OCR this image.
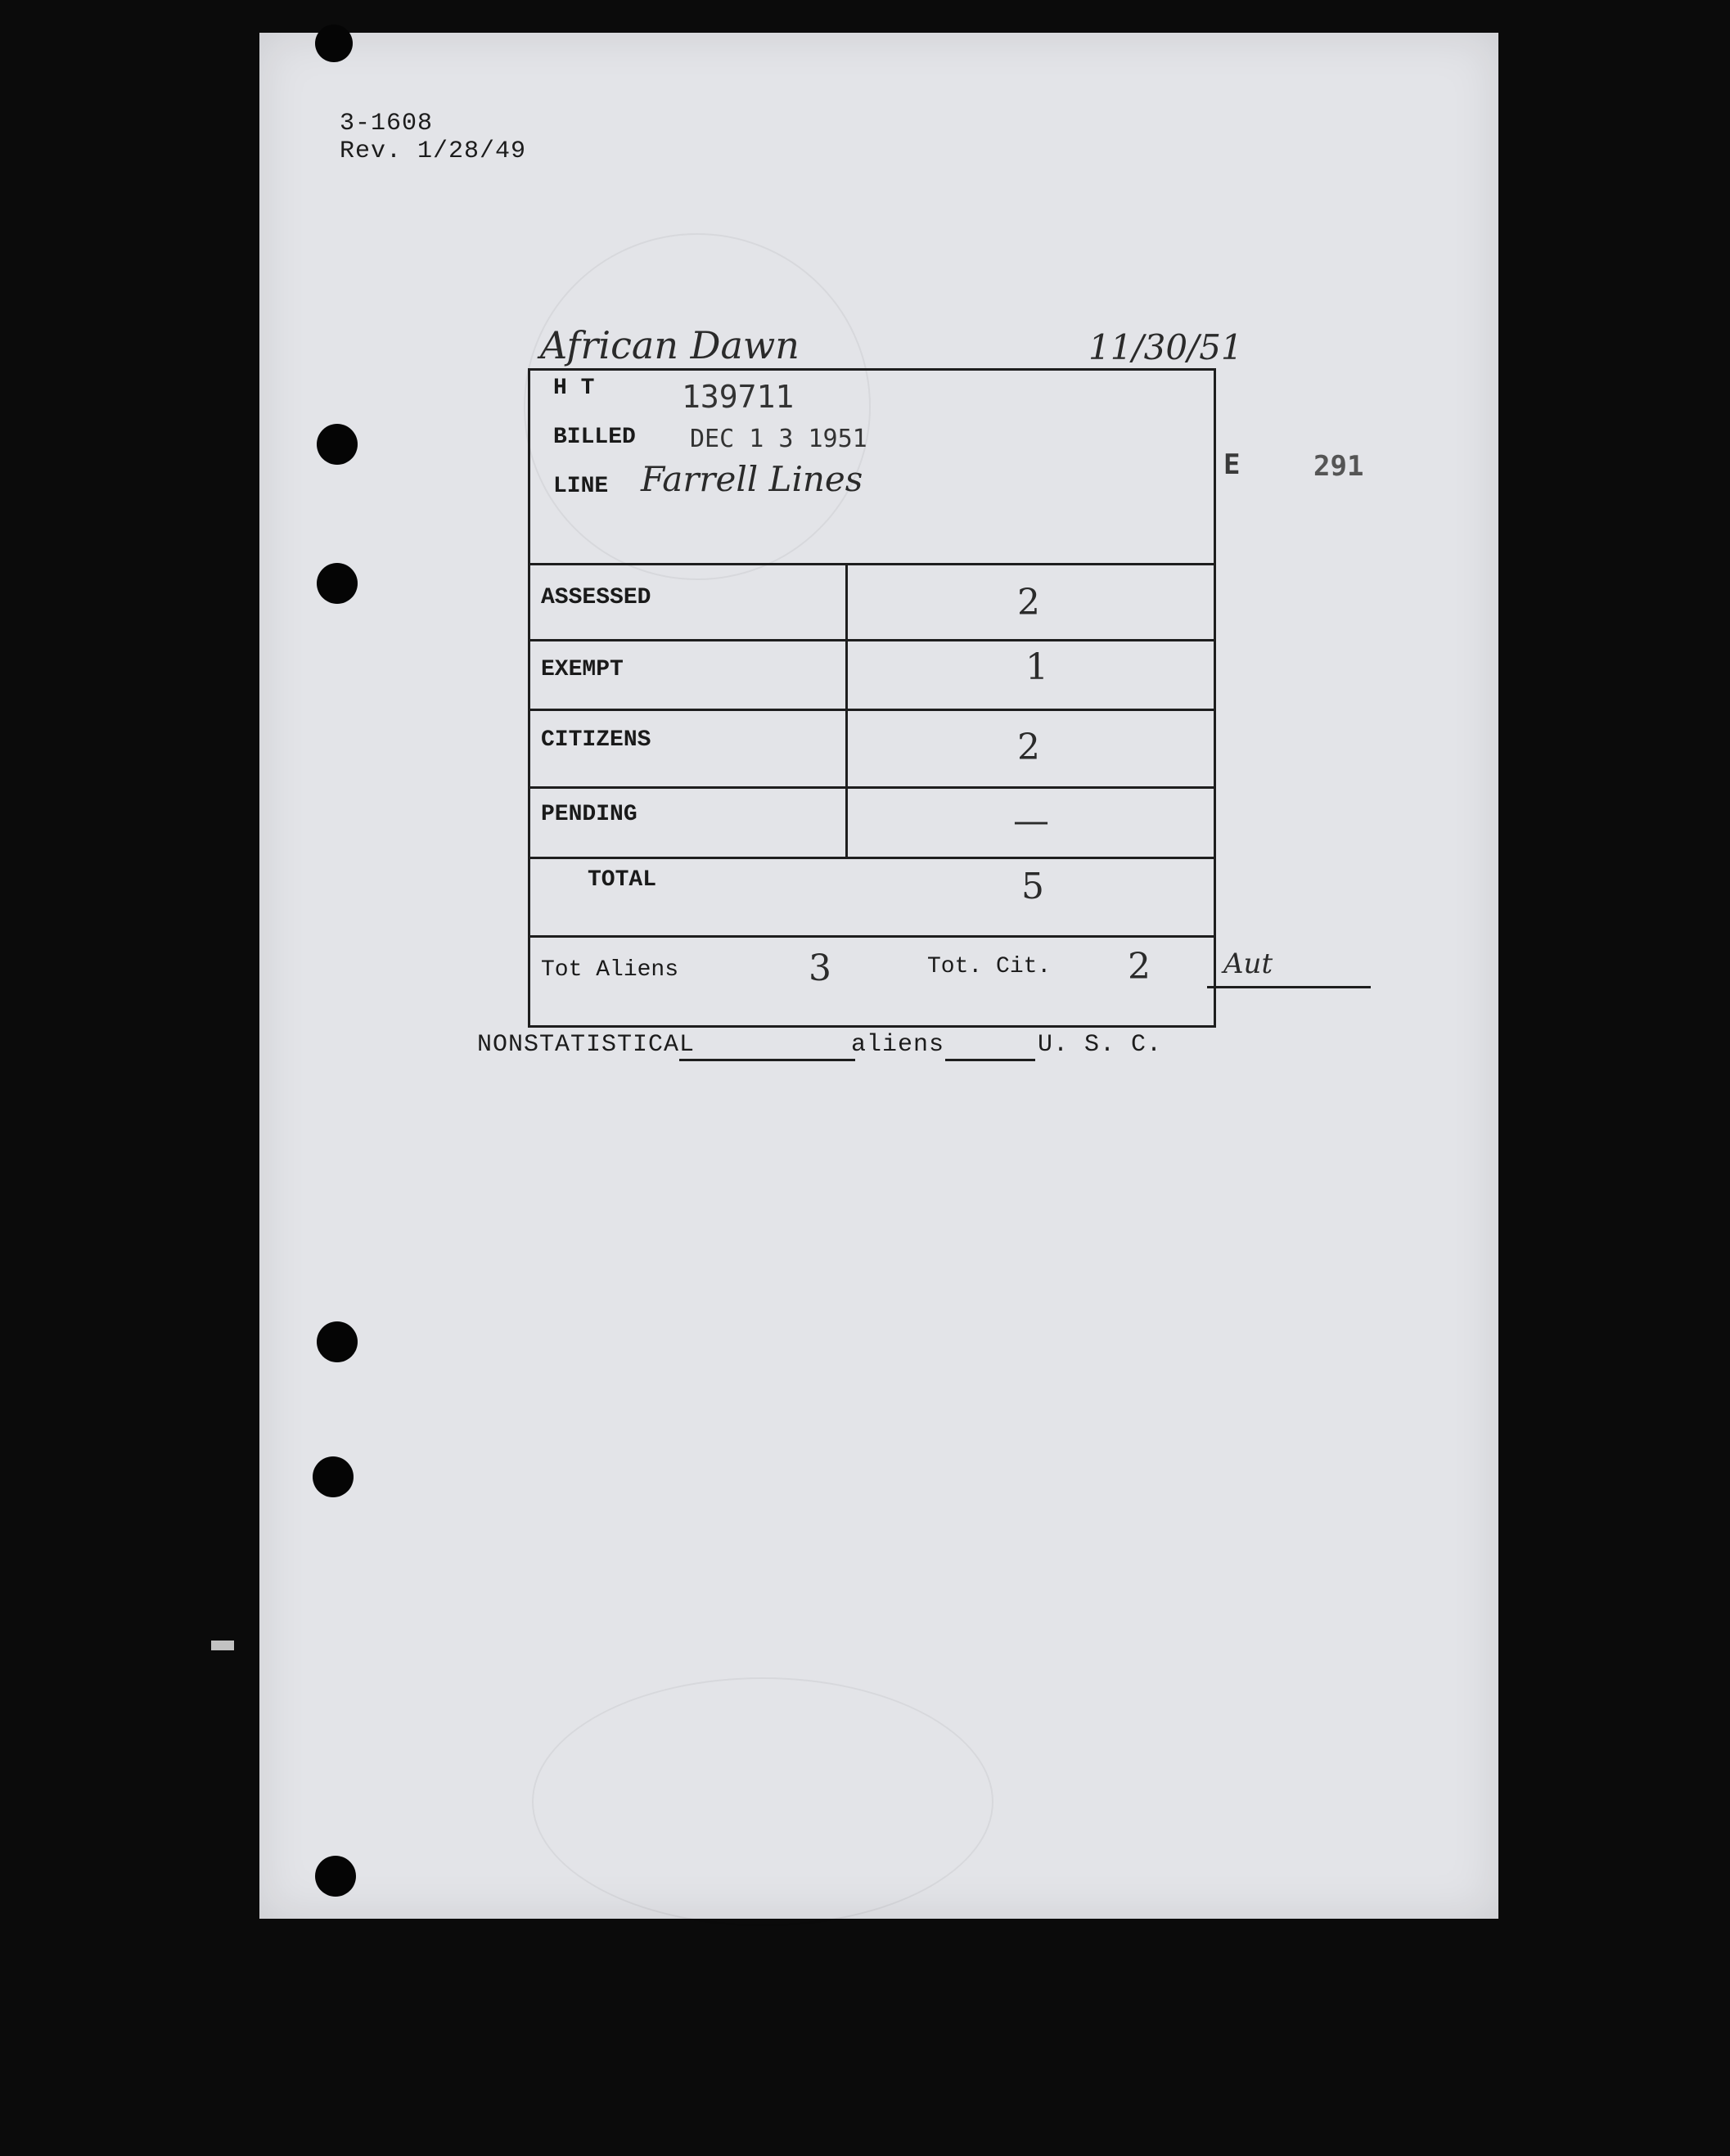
3-1608
Rev. 1/28/49
African Dawn	11/30/51
E	291
H T	139711
BILLED DEC 1 3 1951
LINE Farrell Lines
ASSESSED	2
EXEMPT	1
CITIZENS	2
PENDING	—
TOTAL	5
Tot Aliens	3	Tot. Cit. 2	Aut
NONSTATISTICAL	aliens	U. S. C.
